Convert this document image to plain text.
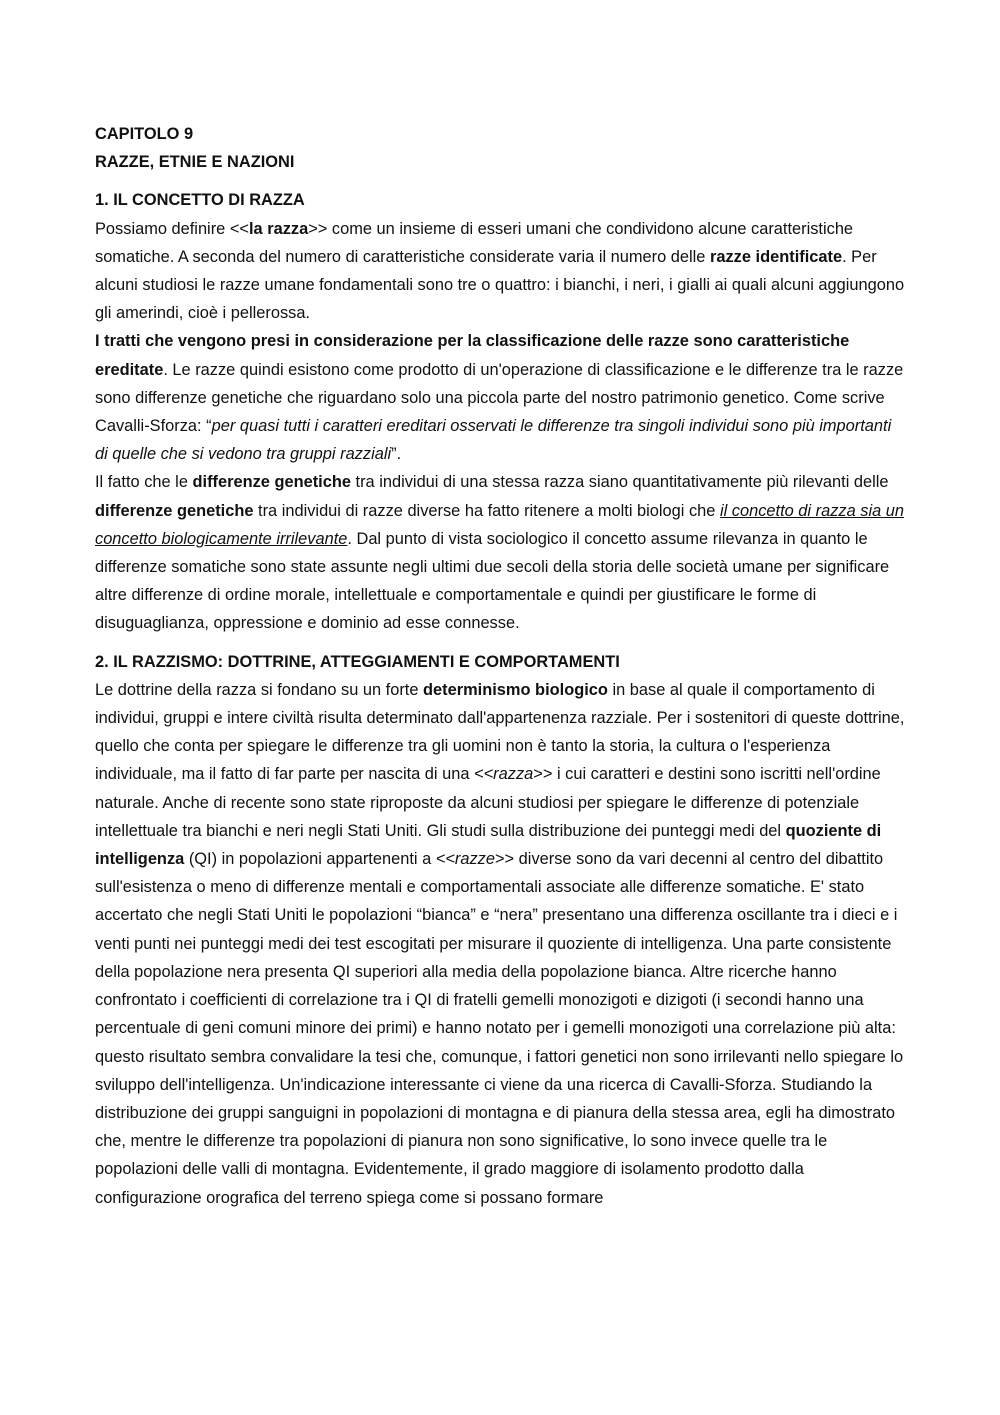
CAPITOLO 9

RAZZE, ETNIE E NAZIONI

1. IL CONCETTO DI RAZZA

Possiamo definire <<la razza>> come un insieme di esseri umani che condividono alcune caratteristiche somatiche. A seconda del numero di caratteristiche considerate varia il numero delle razze identificate. Per alcuni studiosi le razze umane fondamentali sono tre o quattro: i bianchi, i neri, i gialli ai quali alcuni aggiungono gli amerindi, cioè i pellerossa.

I tratti che vengono presi in considerazione per la classificazione delle razze sono caratteristiche ereditate. Le razze quindi esistono come prodotto di un'operazione di classificazione e le differenze tra le razze sono differenze genetiche che riguardano solo una piccola parte del nostro patrimonio genetico. Come scrive Cavalli-Sforza: “per quasi tutti i caratteri ereditari osservati le differenze tra singoli individui sono più importanti di quelle che si vedono tra gruppi razziali”.

Il fatto che le differenze genetiche tra individui di una stessa razza siano quantitativamente più rilevanti delle differenze genetiche tra individui di razze diverse ha fatto ritenere a molti biologi che il concetto di razza sia un concetto biologicamente irrilevante. Dal punto di vista sociologico il concetto assume rilevanza in quanto le differenze somatiche sono state assunte negli ultimi due secoli della storia delle società umane per significare altre differenze di ordine morale, intellettuale e comportamentale e quindi per giustificare le forme di disuguaglianza, oppressione e dominio ad esse connesse.

2. IL RAZZISMO: DOTTRINE, ATTEGGIAMENTI E COMPORTAMENTI

Le dottrine della razza si fondano su un forte determinismo biologico in base al quale il comportamento di individui, gruppi e intere civiltà risulta determinato dall'appartenenza razziale. Per i sostenitori di queste dottrine, quello che conta per spiegare le differenze tra gli uomini non è tanto la storia, la cultura o l'esperienza individuale, ma il fatto di far parte per nascita di una <<razza>> i cui caratteri e destini sono iscritti nell'ordine naturale. Anche di recente sono state riproposte da alcuni studiosi per spiegare le differenze di potenziale intellettuale tra bianchi e neri negli Stati Uniti. Gli studi sulla distribuzione dei punteggi medi del quoziente di intelligenza (QI) in popolazioni appartenenti a <<razze>> diverse sono da vari decenni al centro del dibattito sull'esistenza o meno di differenze mentali e comportamentali associate alle differenze somatiche. E' stato accertato che negli Stati Uniti le popolazioni “bianca” e “nera” presentano una differenza oscillante tra i dieci e i venti punti nei punteggi medi dei test escogitati per misurare il quoziente di intelligenza. Una parte consistente della popolazione nera presenta QI superiori alla media della popolazione bianca. Altre ricerche hanno confrontato i coefficienti di correlazione tra i QI di fratelli gemelli monozigoti e dizigoti (i secondi hanno una percentuale di geni comuni minore dei primi) e hanno notato per i gemelli monozigoti una correlazione più alta: questo risultato sembra convalidare la tesi che, comunque, i fattori genetici non sono irrilevanti nello spiegare lo sviluppo dell'intelligenza. Un'indicazione interessante ci viene da una ricerca di Cavalli-Sforza. Studiando la distribuzione dei gruppi sanguigni in popolazioni di montagna e di pianura della stessa area, egli ha dimostrato che, mentre le differenze tra popolazioni di pianura non sono significative, lo sono invece quelle tra le popolazioni delle valli di montagna. Evidentemente, il grado maggiore di isolamento prodotto dalla configurazione orografica del terreno spiega come si possano formare
